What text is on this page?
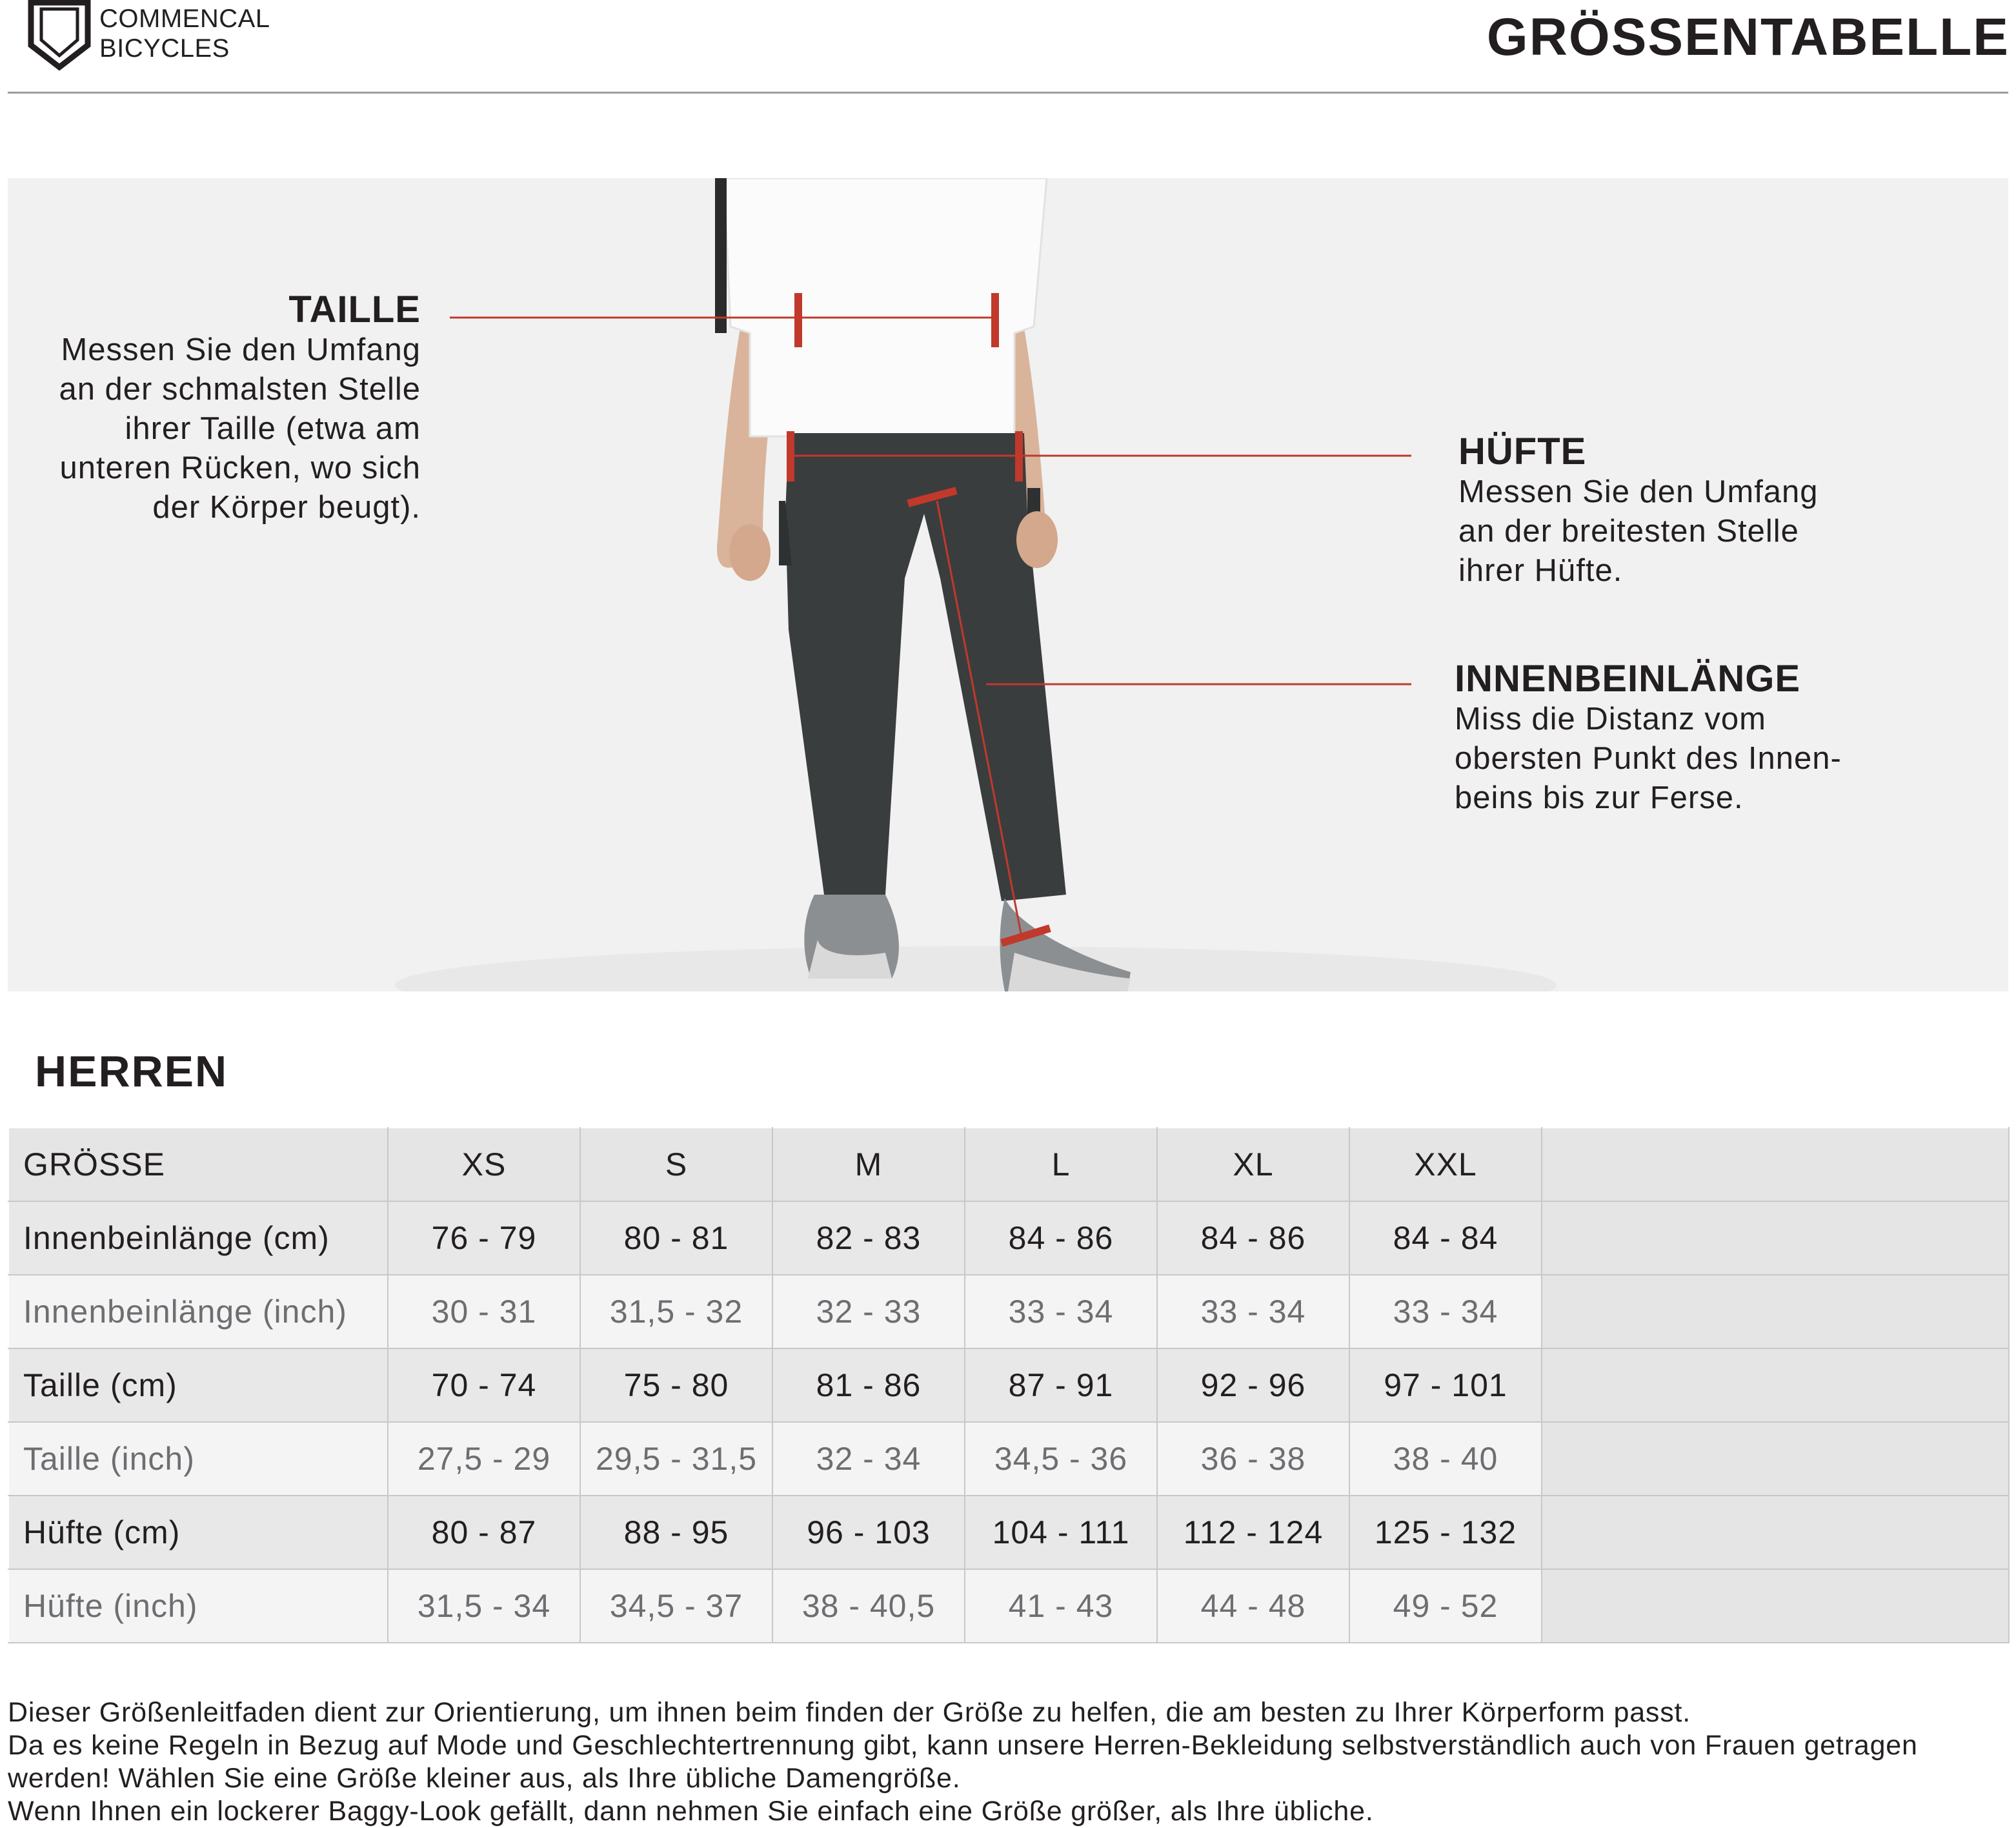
COMMENCAL
BICYCLES	GRÖSSENTABELLE
TAILLE
Messen Sie den Umfang
an der schmalsten Stelle
ihrer Taille (etwa am
unteren Rücken, wo sich
der Körper beugt).
HÜFTE
Messen Sie den Umfang
an der breitesten Stelle
ihrer Hüfte.
INNENBEINLÄNGE
Miss die Distanz vom
obersten Punkt des Innen-
beins bis zur Ferse.
HERREN
GRÖSSE	XS	S	M	L	XL	XXL	
Innenbeinlänge (cm)	76 - 79	80 - 81	82 - 83	84 - 86	84 - 86	84 - 84	
Innenbeinlänge (inch)	30 - 31	31,5 - 32	32 - 33	33 - 34	33 - 34	33 - 34	
Taille (cm)	70 - 74	75 - 80	81 - 86	87 - 91	92 - 96	97 - 101	
Taille (inch)	27,5 - 29	29,5 - 31,5	32 - 34	34,5 - 36	36 - 38	38 - 40	
Hüfte (cm)	80 - 87	88 - 95	96 - 103	104 - 111	112 - 124	125 - 132	
Hüfte (inch)	31,5 - 34	34,5 - 37	38 - 40,5	41 - 43	44 - 48	49 - 52	

Dieser Größenleitfaden dient zur Orientierung, um ihnen beim finden der Größe zu helfen, die am besten zu Ihrer Körperform passt.

Da es keine Regeln in Bezug auf Mode und Geschlechtertrennung gibt, kann unsere Herren-Bekleidung selbstverständlich auch von Frauen getragen werden! Wählen Sie eine Größe kleiner aus, als Ihre übliche Damengröße.

Wenn Ihnen ein lockerer Baggy-Look gefällt, dann nehmen Sie einfach eine Größe größer, als Ihre übliche.
